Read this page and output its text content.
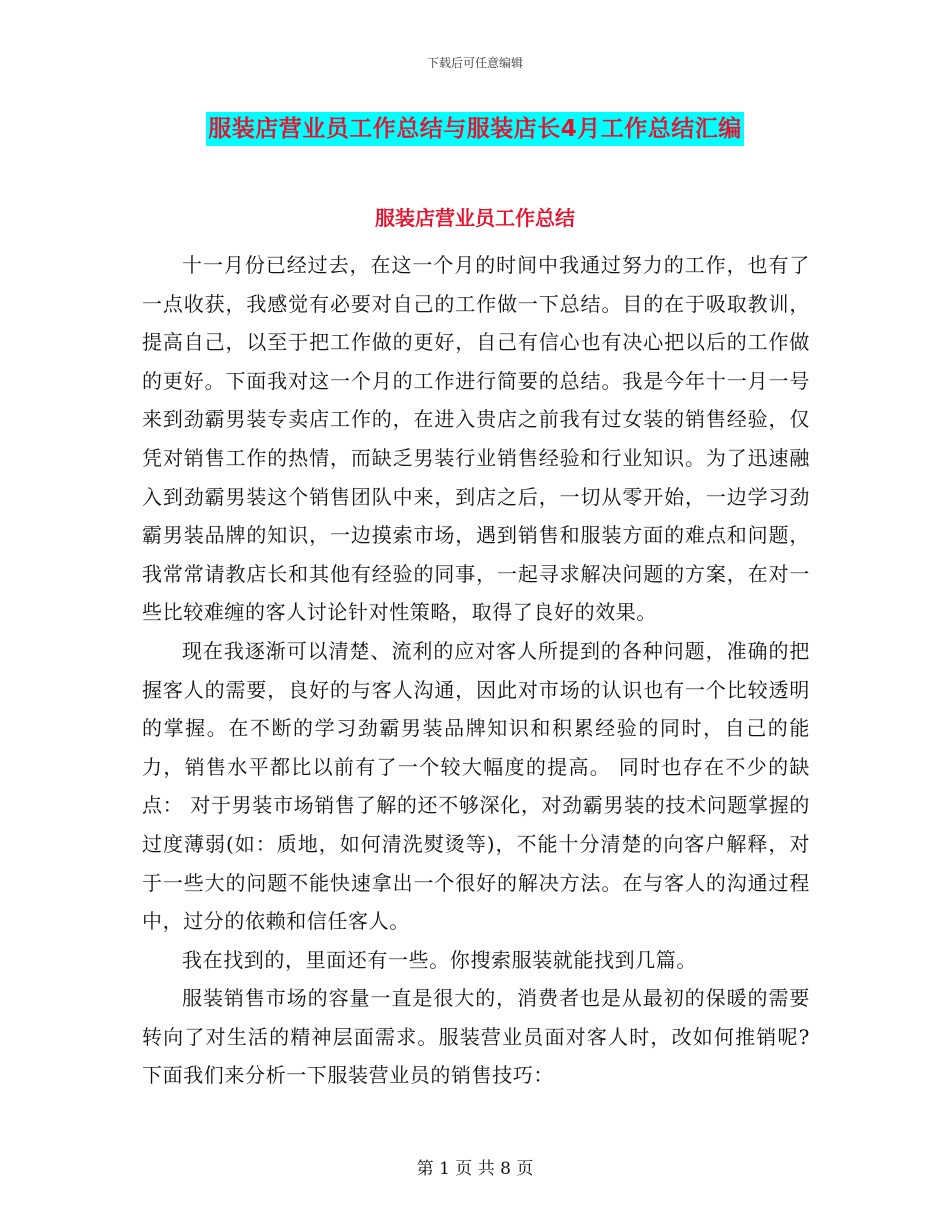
下载后可任意编辑
服装店营业员工作总结与服装店长4月工作总结汇编
服装店营业员工作总结

十一月份已经过去，在这一个月的时间中我通过努力的工作，也有了一点收获，我感觉有必要对自己的工作做一下总结。目的在于吸取教训，提高自己，以至于把工作做的更好，自己有信心也有决心把以后的工作做的更好。下面我对这一个月的工作进行简要的总结。我是今年十一月一号来到劲霸男装专卖店工作的，在进入贵店之前我有过女装的销售经验，仅凭对销售工作的热情，而缺乏男装行业销售经验和行业知识。为了迅速融入到劲霸男装这个销售团队中来，到店之后，一切从零开始，一边学习劲霸男装品牌的知识，一边摸索市场，遇到销售和服装方面的难点和问题，我常常请教店长和其他有经验的同事，一起寻求解决问题的方案，在对一些比较难缠的客人讨论针对性策略，取得了良好的效果。

现在我逐渐可以清楚、流利的应对客人所提到的各种问题，准确的把握客人的需要，良好的与客人沟通，因此对市场的认识也有一个比较透明的掌握。在不断的学习劲霸男装品牌知识和积累经验的同时，自己的能力，销售水平都比以前有了一个较大幅度的提高。 同时也存在不少的缺点： 对于男装市场销售了解的还不够深化，对劲霸男装的技术问题掌握的过度薄弱(如：质地，如何清洗熨烫等)，不能十分清楚的向客户解释，对于一些大的问题不能快速拿出一个很好的解决方法。在与客人的沟通过程中，过分的依赖和信任客人。

我在找到的，里面还有一些。你搜索服装就能找到几篇。

服装销售市场的容量一直是很大的，消费者也是从最初的保暖的需要转向了对生活的精神层面需求。服装营业员面对客人时，改如何推销呢?下面我们来分析一下服装营业员的销售技巧：

第 1 页 共 8 页
